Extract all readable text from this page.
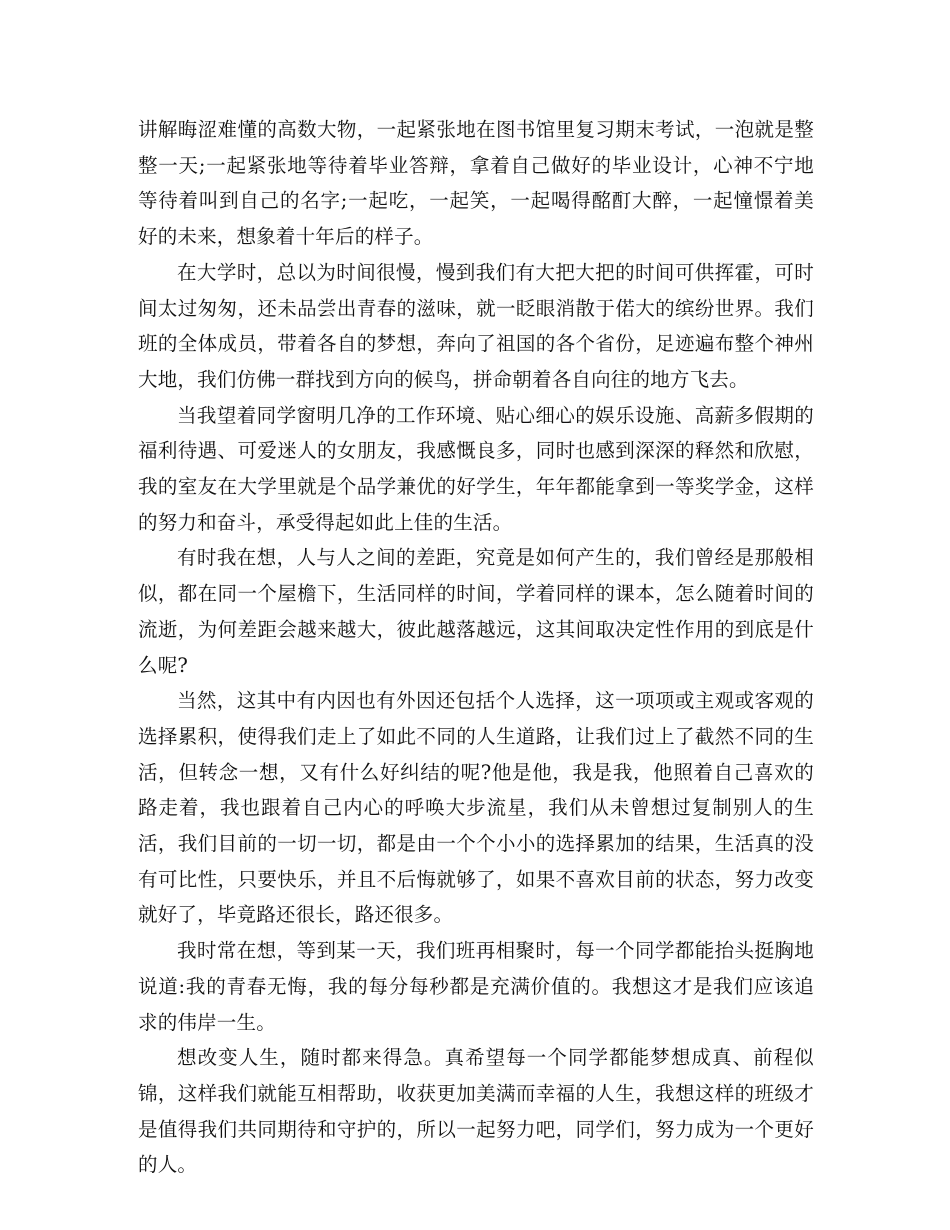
讲解晦涩难懂的高数大物，一起紧张地在图书馆里复习期末考试，一泡就是整整一天;一起紧张地等待着毕业答辩，拿着自己做好的毕业设计，心神不宁地等待着叫到自己的名字;一起吃，一起笑，一起喝得酩酊大醉，一起憧憬着美好的未来，想象着十年后的样子。

在大学时，总以为时间很慢，慢到我们有大把大把的时间可供挥霍，可时间太过匆匆，还未品尝出青春的滋味，就一眨眼消散于偌大的缤纷世界。我们班的全体成员，带着各自的梦想，奔向了祖国的各个省份，足迹遍布整个神州大地，我们仿佛一群找到方向的候鸟，拼命朝着各自向往的地方飞去。

当我望着同学窗明几净的工作环境、贴心细心的娱乐设施、高薪多假期的福利待遇、可爱迷人的女朋友，我感慨良多，同时也感到深深的释然和欣慰，我的室友在大学里就是个品学兼优的好学生，年年都能拿到一等奖学金，这样的努力和奋斗，承受得起如此上佳的生活。

有时我在想，人与人之间的差距，究竟是如何产生的，我们曾经是那般相似，都在同一个屋檐下，生活同样的时间，学着同样的课本，怎么随着时间的流逝，为何差距会越来越大，彼此越落越远，这其间取决定性作用的到底是什么呢?

当然，这其中有内因也有外因还包括个人选择，这一项项或主观或客观的选择累积，使得我们走上了如此不同的人生道路，让我们过上了截然不同的生活，但转念一想，又有什么好纠结的呢?他是他，我是我，他照着自己喜欢的路走着，我也跟着自己内心的呼唤大步流星，我们从未曾想过复制别人的生活，我们目前的一切一切，都是由一个个小小的选择累加的结果，生活真的没有可比性，只要快乐，并且不后悔就够了，如果不喜欢目前的状态，努力改变就好了，毕竟路还很长，路还很多。

我时常在想，等到某一天，我们班再相聚时，每一个同学都能抬头挺胸地说道:我的青春无悔，我的每分每秒都是充满价值的。我想这才是我们应该追求的伟岸一生。

想改变人生，随时都来得急。真希望每一个同学都能梦想成真、前程似锦，这样我们就能互相帮助，收获更加美满而幸福的人生，我想这样的班级才是值得我们共同期待和守护的，所以一起努力吧，同学们，努力成为一个更好的人。
